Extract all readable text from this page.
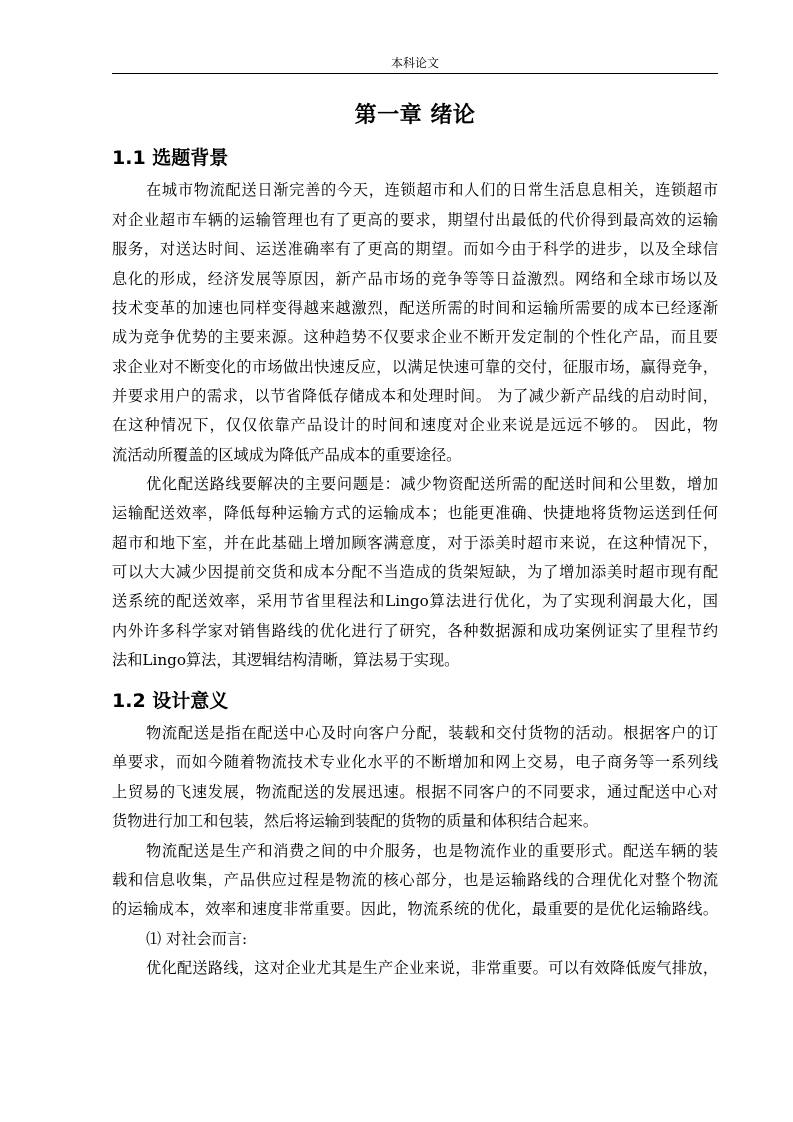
本科论文
第一章 绪论
1.1 选题背景
在城市物流配送日渐完善的今天，连锁超市和人们的日常生活息息相关，连锁超市
对企业超市车辆的运输管理也有了更高的要求，期望付出最低的代价得到最高效的运输
服务，对送达时间、运送准确率有了更高的期望。而如今由于科学的进步，以及全球信
息化的形成，经济发展等原因，新产品市场的竞争等等日益激烈。网络和全球市场以及
技术变革的加速也同样变得越来越激烈，配送所需的时间和运输所需要的成本已经逐渐
成为竞争优势的主要来源。这种趋势不仅要求企业不断开发定制的个性化产品，而且要
求企业对不断变化的市场做出快速反应，以满足快速可靠的交付，征服市场，赢得竞争，
并要求用户的需求，以节省降低存储成本和处理时间。 为了减少新产品线的启动时间，
在这种情况下，仅仅依靠产品设计的时间和速度对企业来说是远远不够的。 因此，物
流活动所覆盖的区域成为降低产品成本的重要途径。
优化配送路线要解决的主要问题是：减少物资配送所需的配送时间和公里数，增加
运输配送效率，降低每种运输方式的运输成本；也能更准确、快捷地将货物运送到任何
超市和地下室，并在此基础上增加顾客满意度，对于添美时超市来说，在这种情况下，
可以大大减少因提前交货和成本分配不当造成的货架短缺，为了增加添美时超市现有配
送系统的配送效率，采用节省里程法和Lingo算法进行优化，为了实现利润最大化，国
内外许多科学家对销售路线的优化进行了研究，各种数据源和成功案例证实了里程节约
法和Lingo算法，其逻辑结构清晰，算法易于实现。
1.2 设计意义
物流配送是指在配送中心及时向客户分配，装载和交付货物的活动。根据客户的订
单要求，而如今随着物流技术专业化水平的不断增加和网上交易，电子商务等一系列线
上贸易的飞速发展，物流配送的发展迅速。根据不同客户的不同要求，通过配送中心对
货物进行加工和包装，然后将运输到装配的货物的质量和体积结合起来。
物流配送是生产和消费之间的中介服务，也是物流作业的重要形式。配送车辆的装
载和信息收集，产品供应过程是物流的核心部分，也是运输路线的合理优化对整个物流
的运输成本，效率和速度非常重要。因此，物流系统的优化，最重要的是优化运输路线。
⑴ 对社会而言:
优化配送路线，这对企业尤其是生产企业来说，非常重要。可以有效降低废气排放，
